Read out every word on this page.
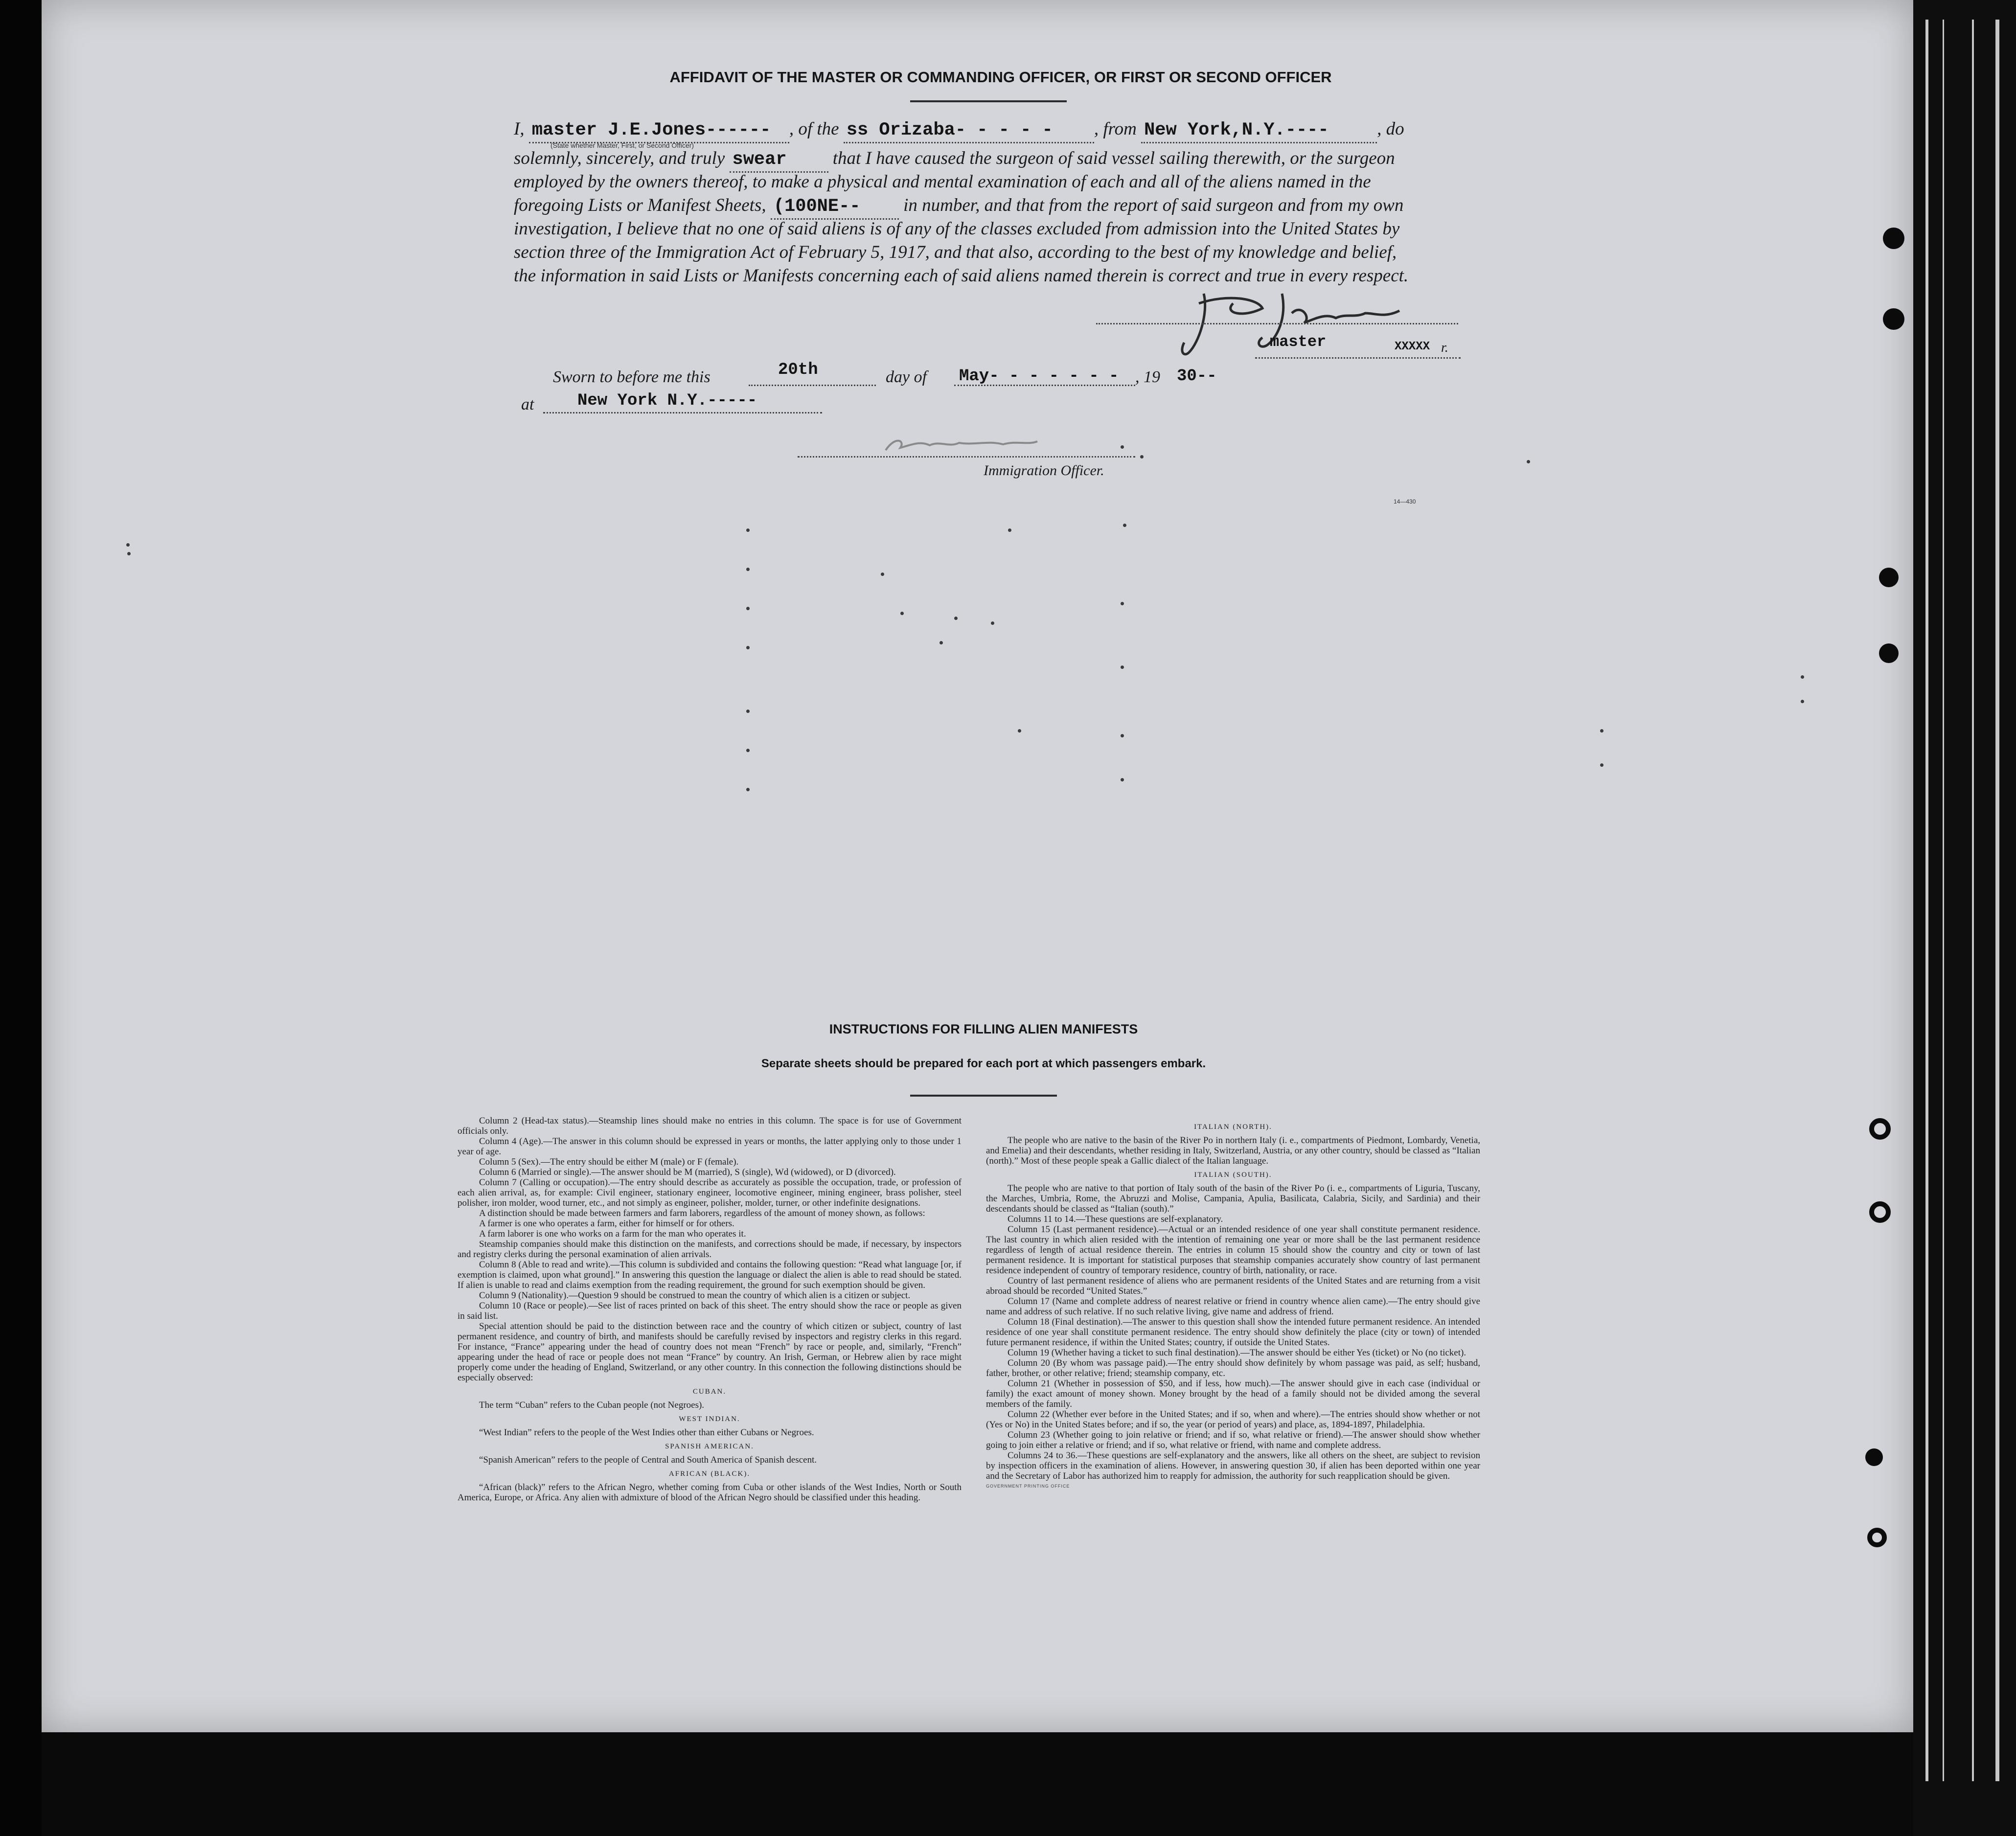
AFFIDAVIT OF THE MASTER OR COMMANDING OFFICER, OR FIRST OR SECOND OFFICER
I, master J.E.Jones------ , of the ss Orizaba- - - - - , from New York,N.Y.----	, do
(State whether Master, First, or Second Officer)
solemnly, sincerely, and truly swear	that I have caused the surgeon of said vessel sailing therewith, or the surgeon
employed by the owners thereof, to make a physical and mental examination of each and all of the aliens named in the
foregoing Lists or Manifest Sheets, (100NE-- in number, and that from the report of said surgeon and from my own
investigation, I believe that no one of said aliens is of any of the classes excluded from admission into the United States by
section three of the Immigration Act of February 5, 1917, and that also, according to the best of my knowledge and belief,
the information in said Lists or Manifests concerning each of said aliens named therein is correct and true in every respect.
master	XXXXX r.
Sworn to before me this	20th	day of May- - - - - - - , 19 30--
at	New York N.Y.-----
Immigration Officer.
14—430
INSTRUCTIONS FOR FILLING ALIEN MANIFESTS
Separate sheets should be prepared for each port at which passengers embark.

Column 2 (Head-tax status).—Steamship lines should make no entries in this column. The space is for use of Government officials only.

Column 4 (Age).—The answer in this column should be expressed in years or months, the latter applying only to those under 1 year of age.

Column 5 (Sex).—The entry should be either M (male) or F (female).

Column 6 (Married or single).—The answer should be M (married), S (single), Wd (widowed), or D (divorced).

Column 7 (Calling or occupation).—The entry should describe as accurately as possible the occupation, trade, or profession of each alien arrival, as, for example: Civil engineer, stationary engineer, locomotive engineer, mining engineer, brass polisher, steel polisher, iron molder, wood turner, etc., and not simply as engineer, polisher, molder, turner, or other indefinite designations.

A distinction should be made between farmers and farm laborers, regardless of the amount of money shown, as follows:

A farmer is one who operates a farm, either for himself or for others.

A farm laborer is one who works on a farm for the man who operates it.

Steamship companies should make this distinction on the manifests, and corrections should be made, if necessary, by inspectors and registry clerks during the personal examination of alien arrivals.

Column 8 (Able to read and write).—This column is subdivided and contains the following question: “Read what language [or, if exemption is claimed, upon what ground].” In answering this question the language or dialect the alien is able to read should be stated. If alien is unable to read and claims exemption from the reading requirement, the ground for such exemption should be given.

Column 9 (Nationality).—Question 9 should be construed to mean the country of which alien is a citizen or subject.

Column 10 (Race or people).—See list of races printed on back of this sheet. The entry should show the race or people as given in said list.

Special attention should be paid to the distinction between race and the country of which citizen or subject, country of last permanent residence, and country of birth, and manifests should be carefully revised by inspectors and registry clerks in this regard. For instance, “France” appearing under the head of country does not mean “French” by race or people, and, similarly, “French” appearing under the head of race or people does not mean “France” by country. An Irish, German, or Hebrew alien by race might properly come under the heading of England, Switzerland, or any other country. In this connection the following distinctions should be especially observed:

CUBAN.

The term “Cuban” refers to the Cuban people (not Negroes).

WEST INDIAN.

“West Indian” refers to the people of the West Indies other than either Cubans or Negroes.

SPANISH AMERICAN.

“Spanish American” refers to the people of Central and South America of Spanish descent.

AFRICAN (BLACK).

“African (black)” refers to the African Negro, whether coming from Cuba or other islands of the West Indies, North or South America, Europe, or Africa. Any alien with admixture of blood of the African Negro should be classified under this heading.

ITALIAN (NORTH).

The people who are native to the basin of the River Po in northern Italy (i. e., compartments of Piedmont, Lombardy, Venetia, and Emelia) and their descendants, whether residing in Italy, Switzerland, Austria, or any other country, should be classed as “Italian (north).” Most of these people speak a Gallic dialect of the Italian language.

ITALIAN (SOUTH).

The people who are native to that portion of Italy south of the basin of the River Po (i. e., compartments of Liguria, Tuscany, the Marches, Umbria, Rome, the Abruzzi and Molise, Campania, Apulia, Basilicata, Calabria, Sicily, and Sardinia) and their descendants should be classed as “Italian (south).”

Columns 11 to 14.—These questions are self-explanatory.

Column 15 (Last permanent residence).—Actual or an intended residence of one year shall constitute permanent residence. The last country in which alien resided with the intention of remaining one year or more shall be the last permanent residence regardless of length of actual residence therein. The entries in column 15 should show the country and city or town of last permanent residence. It is important for statistical purposes that steamship companies accurately show country of last permanent residence independent of country of temporary residence, country of birth, nationality, or race.

Country of last permanent residence of aliens who are permanent residents of the United States and are returning from a visit abroad should be recorded “United States.”

Column 17 (Name and complete address of nearest relative or friend in country whence alien came).—The entry should give name and address of such relative. If no such relative living, give name and address of friend.

Column 18 (Final destination).—The answer to this question shall show the intended future permanent residence. An intended residence of one year shall constitute permanent residence. The entry should show definitely the place (city or town) of intended future permanent residence, if within the United States; country, if outside the United States.

Column 19 (Whether having a ticket to such final destination).—The answer should be either Yes (ticket) or No (no ticket).

Column 20 (By whom was passage paid).—The entry should show definitely by whom passage was paid, as self; husband, father, brother, or other relative; friend; steamship company, etc.

Column 21 (Whether in possession of $50, and if less, how much).—The answer should give in each case (individual or family) the exact amount of money shown. Money brought by the head of a family should not be divided among the several members of the family.

Column 22 (Whether ever before in the United States; and if so, when and where).—The entries should show whether or not (Yes or No) in the United States before; and if so, the year (or period of years) and place, as, 1894-1897, Philadelphia.

Column 23 (Whether going to join relative or friend; and if so, what relative or friend).—The answer should show whether going to join either a relative or friend; and if so, what relative or friend, with name and complete address.

Columns 24 to 36.—These questions are self-explanatory and the answers, like all others on the sheet, are subject to revision by inspection officers in the examination of aliens. However, in answering question 30, if alien has been deported within one year and the Secretary of Labor has authorized him to reapply for admission, the authority for such reapplication should be given.

GOVERNMENT PRINTING OFFICE
